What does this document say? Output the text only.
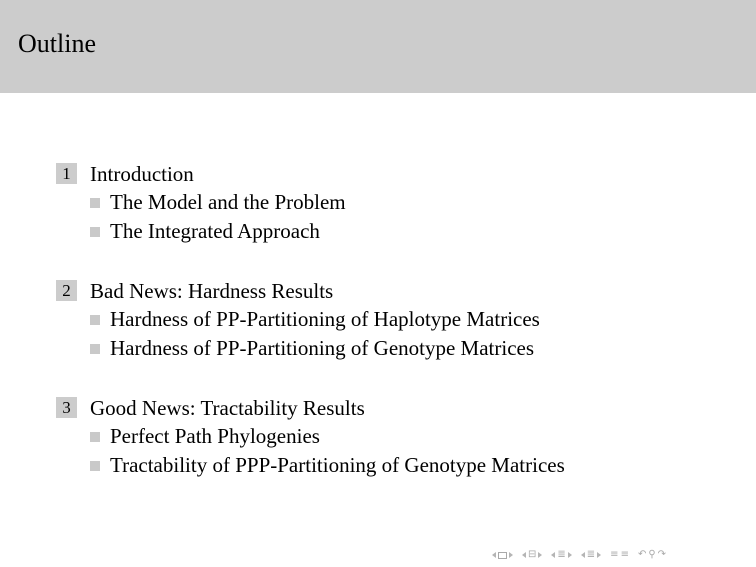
Outline
1 Introduction
The Model and the Problem
The Integrated Approach
2 Bad News: Hardness Results
Hardness of PP-Partitioning of Haplotype Matrices
Hardness of PP-Partitioning of Genotype Matrices
3 Good News: Tractability Results
Perfect Path Phylogenies
Tractability of PPP-Partitioning of Genotype Matrices
⊟ ≣ ≣ ≡ ≡ ↶ ⚲ ↷
